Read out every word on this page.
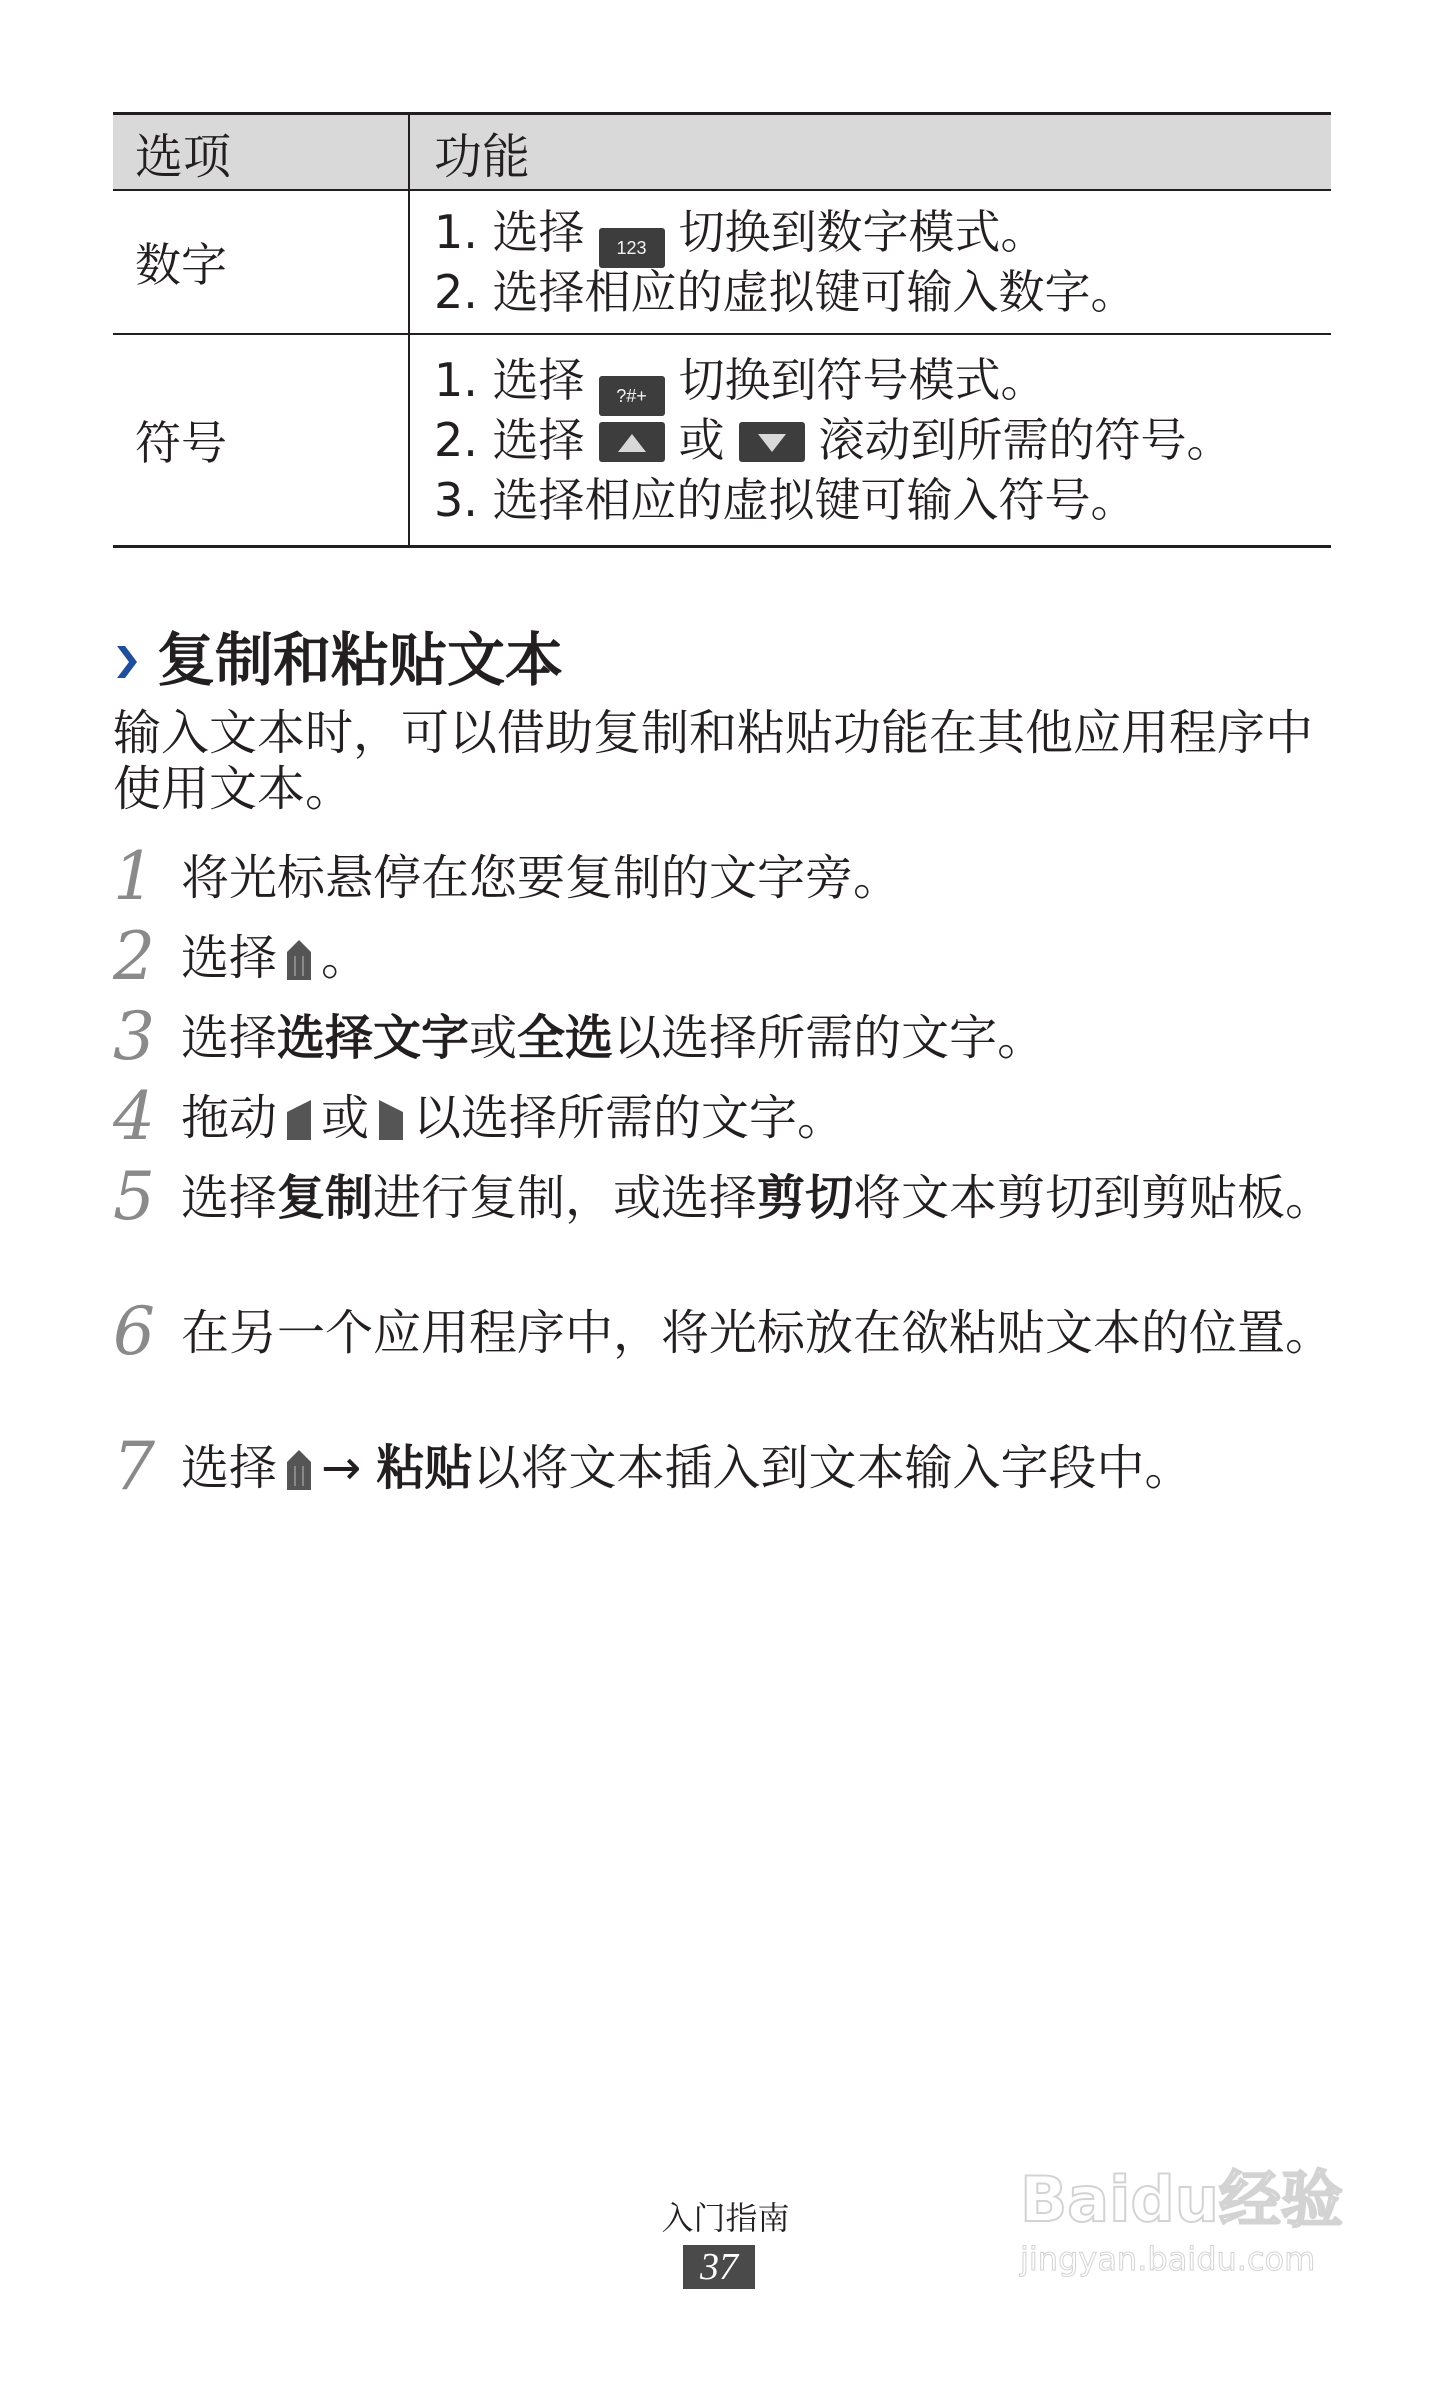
选项	功能
数字	1. 选择 123 切换到数字模式。
2. 选择相应的虚拟键可输入数字。

符号	1. 选择 ?#+ 切换到符号模式。
2. 选择 或 滚动到所需的符号。
3. 选择相应的虚拟键可输入符号。
复制和粘贴文本
输入文本时，可以借助复制和粘贴功能在其他应用程序中使用文本。
1 将光标悬停在您要复制的文字旁。
2 选择 。
3 选择选择文字或全选以选择所需的文字。
4 拖动 或 以选择所需的文字。
5 选择复制进行复制，或选择剪切将文本剪切到剪贴板。
6 在另一个应用程序中，将光标放在欲粘贴文本的位置。
7 选择 → 粘贴以将文本插入到文本输入字段中。
入门指南
37
Baidu经验
jingyan.baidu.com
